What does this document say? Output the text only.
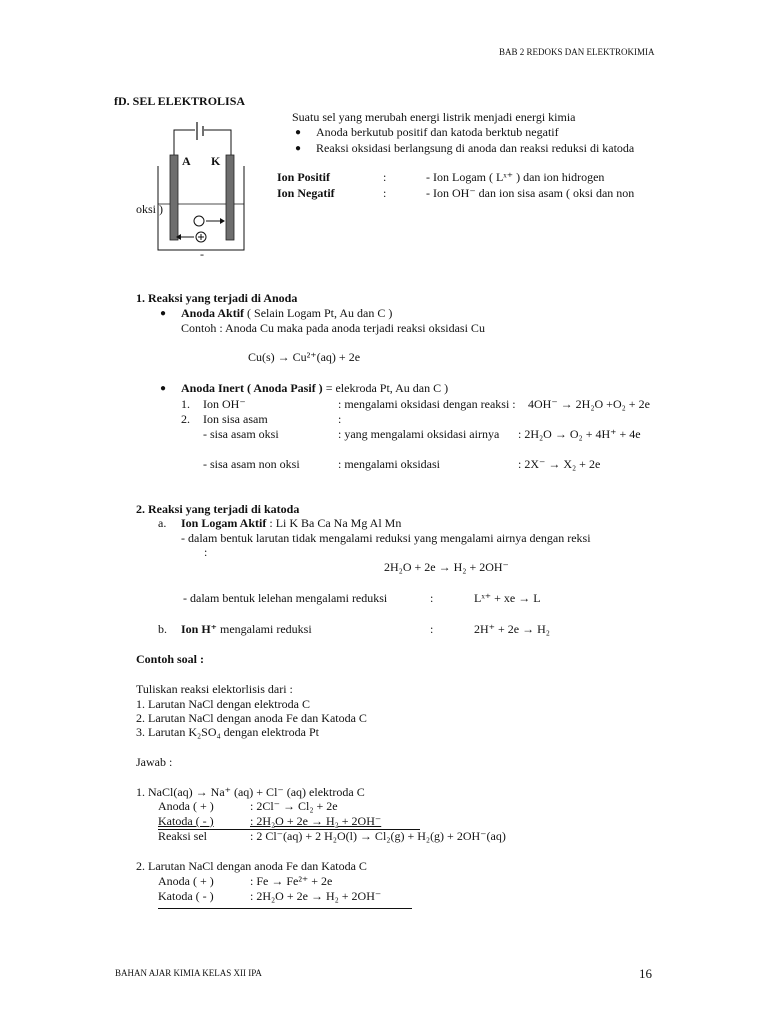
BAB 2 REDOKS DAN ELEKTROKIMIA
fD. SEL ELEKTROLISA
A K
-
Suatu sel yang merubah energi listrik menjadi energi kimia
● Anoda berkutub positif dan katoda berktub negatif
● Reaksi oksidasi berlangsung di anoda dan reaksi reduksi di katoda
Ion Positif	:	- Ion Logam ( Lˣ⁺ ) dan ion hidrogen
Ion Negatif	:	- Ion OH⁻ dan ion sisa asam ( oksi dan non
oksi )
1. Reaksi yang terjadi di Anoda
● Anoda Aktif ( Selain Logam Pt, Au dan C )
Contoh : Anoda Cu maka pada anoda terjadi reaksi oksidasi Cu
Cu(s) → Cu²⁺(aq) + 2e
● Anoda Inert ( Anoda Pasif ) = elekroda Pt, Au dan C )
1. Ion OH⁻	: mengalami oksidasi dengan reaksi : 4OH⁻ → 2H₂O +O₂ + 2e
2. Ion sisa asam	:
- sisa asam oksi	: yang mengalami oksidasi airnya : 2H₂O → O₂ + 4H⁺ + 4e
- sisa asam non oksi	: mengalami oksidasi	: 2X⁻ → X₂ + 2e
2. Reaksi yang terjadi di katoda
a. Ion Logam Aktif : Li K Ba Ca Na Mg Al Mn
- dalam bentuk larutan tidak mengalami reduksi yang mengalami airnya dengan reksi
:
2H₂O + 2e → H₂ + 2OH⁻
- dalam bentuk lelehan mengalami reduksi	:	Lˣ⁺ + xe → L
b. Ion H⁺ mengalami reduksi	:	2H⁺ + 2e → H₂
Contoh soal :
Tuliskan reaksi elektorlisis dari :
1. Larutan NaCl dengan elektroda C
2. Larutan NaCl dengan anoda Fe dan Katoda C
3. Larutan K₂SO₄ dengan elektroda Pt
Jawab :
1. NaCl(aq) → Na⁺ (aq) + Cl⁻ (aq) elektroda C
Anoda ( + )	: 2Cl⁻ → Cl₂ + 2e
Katoda ( - )	: 2H₂O + 2e → H₂ + 2OH⁻
Reaksi sel	: 2 Cl⁻(aq) + 2 H₂O(l) → Cl₂(g) + H₂(g) + 2OH⁻(aq)
2. Larutan NaCl dengan anoda Fe dan Katoda C
Anoda ( + )	: Fe → Fe²⁺ + 2e
Katoda ( - )	: 2H₂O + 2e → H₂ + 2OH⁻
BAHAN AJAR KIMIA KELAS XII IPA	16
